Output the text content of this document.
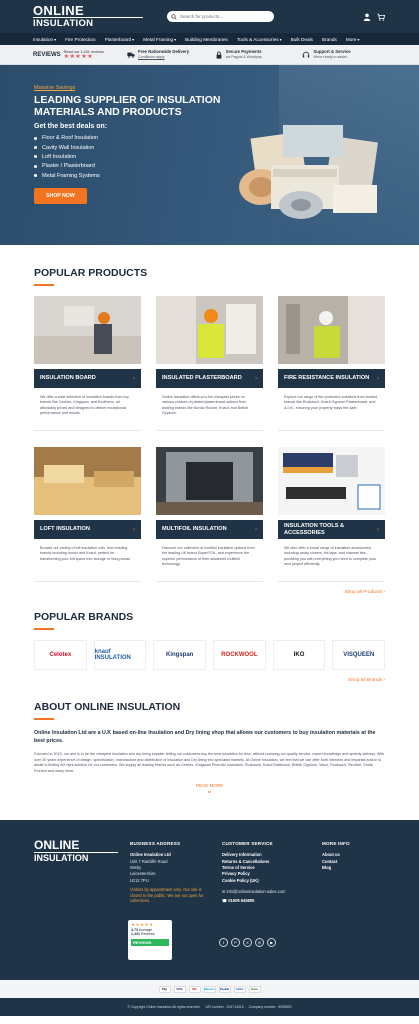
ONLINE
INSULATION
Search for products...
Insulation ▾ Fire Protection Plasterboard ▾ Metal Framing ▾ Building Membranes Tools & Accessories ▾ Bulk Deals Brands More ▾
REVIEWS Read our 1,431 reviews
★★★★★
Free Nationwide Delivery
Conditions apply
Secure Payments
via Paypal & Worldpay
Support & Service
We're ready to assist
Massive Savings
LEADING SUPPLIER OF INSULATION MATERIALS AND PRODUCTS
Get the best deals on:
Floor & Roof Insulation
Cavity Wall Insulation
Loft Insulation
Plaster / Plasterboard
Metal Framing Systems
SHOP NOW
POPULAR PRODUCTS
INSULATION BOARD	›
We offer a wide selection of insulation boards from top brands like Celotex, Kingspan, and Ecotherm, all affordably priced and designed to deliver exceptional performance and results.
INSULATED PLASTERBOARD ›
Online Insulation offers you the cheapest prices on various choices of plaster/plasterboard options from leading brands like Nordic Rocker, Knauf, and British Gypsum.
FIRE RESISTANCE INSULATION ›
Explore our range of fire protection solutions from trusted brands like Rockwool, Knauf Gypsum Plasterboard, and A.I.M., ensuring your property stays fire-safe.
LOFT INSULATION	›
Browse our variety of loft insulation rolls, from leading brands including Isover and Knauf, perfect for transforming your loft space into storage or living areas.
MULTIFOIL INSULATION	›
Discover our collection of multifoil insulation options from the leading UK brand SuperFOIL, and experience the superior performance of their advanced multifoil technology.
INSULATION TOOLS & ACCESSORIES	›
We also offer a broad range of insulation accessories, including cavity closers, foil tape, and channel ties, providing you with everything you need to complete your next project efficiently.
Shop all Products ›
POPULAR BRANDS
Celotex	knauf INSULATION	Kingspan	ROCKWOOL	IKO	VISQUEEN
Shop all Brands ›
ABOUT ONLINE INSULATION

Online Insulation Ltd are a U.K based on-line Insulation and Dry lining shop that allows our customers to buy insulation materials at the best prices.

Founded in 2015, our aim is to be the cheapest insulation and dry-lining supplier letting our customers buy the best insulation for less, without reducing our quality service, expert knowledge and speedy delivery. With over 30 years experience of design, specification, manufacture and distribution of insulation and Dry lining into specialist markets. At Online Insulation, we feel that we can offer both informed and impartial advice to assist in finding the right solution for our customers. We supply all leading brands such as Celotex, Kingspan Phenolic Insulation, Rockwool, Knauf Earthwool, British Gypsum, Velux, Rockwool, Recticel, Siniat, Frontrol and many more.

READ MORE
⌄
ONLINE
INSULATION
BUSINESS ADDRESS
Online Insulation Ltd
Unit 7 Ratcliffe Road
Wisby
Leicestershire
LE12 7PU
Visitors by appointment only. Our site is closed to the public. We are not open for collections.
CUSTOMER SERVICE
Delivery Information
Returns & Cancellations
Terms of Service
Privacy Policy
Cookie Policy (UK)
✉ info@onlineinsulation-sales.com
☎ 01509 645805
MORE INFO
About us
Contact
Blog
★★★★★
4.73 Average
1,431 Reviews
REVIEWS	f	P	X	◎	▶
Pay	VISA	MC	Maestro	PayPal	AMEX	Bank
© Copyright Online Insulation All rights reserved. VAT number : 204714015 Company number : 9098800
